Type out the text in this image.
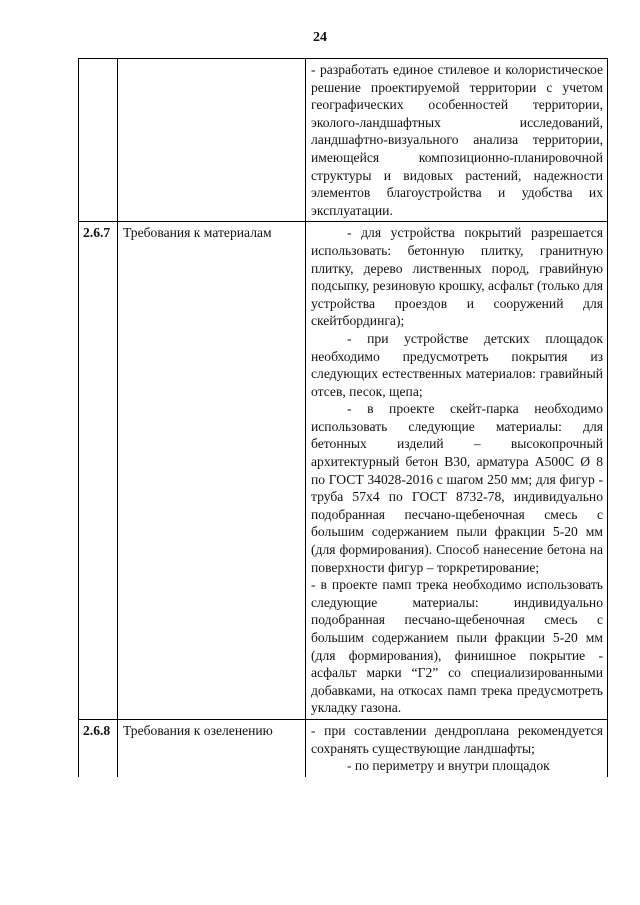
24

		- разработать единое стилевое и колористическое решение проектируемой территории с учетом географических особенностей территории, эколого-ландшафтных исследований, ландшафтно-визуального анализа территории, имеющейся композиционно-планировочной структуры и видовых растений, надежности элементов благоустройства и удобства их эксплуатации.

2.6.7	Требования к материалам	- для устройства покрытий разрешается использовать: бетонную плитку, гранитную плитку, дерево лиственных пород, гравийную подсыпку, резиновую крошку, асфальт (только для устройства проездов и сооружений для скейтбординга);

- при устройстве детских площадок необходимо предусмотреть покрытия из следующих естественных материалов: гравийный отсев, песок, щепа;

- в проекте скейт-парка необходимо использовать следующие материалы: для бетонных изделий – высокопрочный архитектурный бетон В30, арматура А500С Ø 8 по ГОСТ 34028-2016 с шагом 250 мм; для фигур - труба 57х4 по ГОСТ 8732-78, индивидуально подобранная песчано-щебеночная смесь с большим содержанием пыли фракции 5-20 мм (для формирования). Способ нанесение бетона на поверхности фигур – торкретирование;

- в проекте памп трека необходимо использовать следующие материалы: индивидуально подобранная песчано-щебеночная смесь с большим содержанием пыли фракции 5-20 мм (для формирования), финишное покрытие - асфальт марки “Г2” со специализированными добавками, на откосах памп трека предусмотреть укладку газона.

2.6.8	Требования к озеленению	- при составлении дендроплана рекомендуется сохранять существующие ландшафты;

- по периметру и внутри площадок
